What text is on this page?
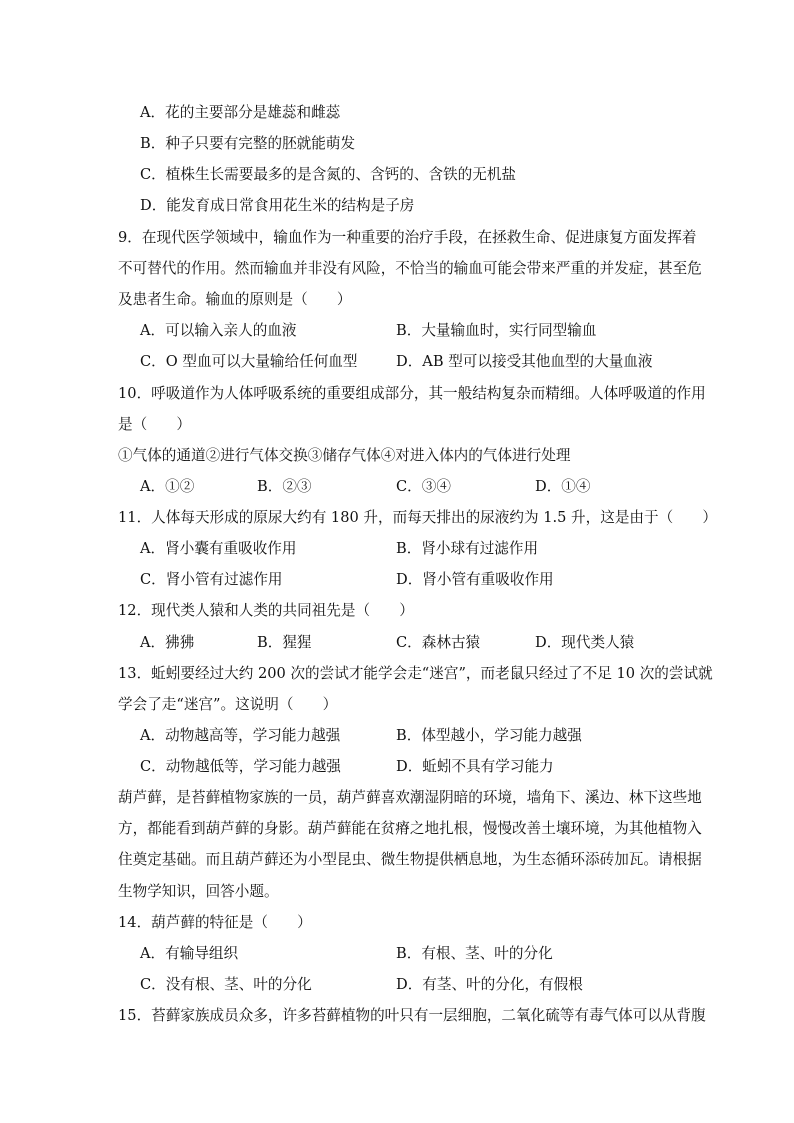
A．花的主要部分是雄蕊和雌蕊
B．种子只要有完整的胚就能萌发
C．植株生长需要最多的是含氮的、含钙的、含铁的无机盐
D．能发育成日常食用花生米的结构是子房
9．在现代医学领域中，输血作为一种重要的治疗手段，在拯救生命、促进康复方面发挥着
不可替代的作用。然而输血并非没有风险，不恰当的输血可能会带来严重的并发症，甚至危
及患者生命。输血的原则是（　　）
A．可以输入亲人的血液	B．大量输血时，实行同型输血
C．O 型血可以大量输给任何血型	D．AB 型可以接受其他血型的大量血液
10．呼吸道作为人体呼吸系统的重要组成部分，其一般结构复杂而精细。人体呼吸道的作用
是（　　）
①气体的通道②进行气体交换③储存气体④对进入体内的气体进行处理
A．①②	B．②③	C．③④	D．①④
11．人体每天形成的原尿大约有 180 升，而每天排出的尿液约为 1.5 升，这是由于（　　）
A．肾小囊有重吸收作用	B．肾小球有过滤作用
C．肾小管有过滤作用	D．肾小管有重吸收作用
12．现代类人猿和人类的共同祖先是（　　）
A．狒狒	B．猩猩	C．森林古猿	D．现代类人猿
13．蚯蚓要经过大约 200 次的尝试才能学会走“迷宫”，而老鼠只经过了不足 10 次的尝试就
学会了走“迷宫”。这说明（　　）
A．动物越高等，学习能力越强	B．体型越小，学习能力越强
C．动物越低等，学习能力越强	D．蚯蚓不具有学习能力
葫芦藓，是苔藓植物家族的一员，葫芦藓喜欢潮湿阴暗的环境，墙角下、溪边、林下这些地
方，都能看到葫芦藓的身影。葫芦藓能在贫瘠之地扎根，慢慢改善土壤环境，为其他植物入
住奠定基础。而且葫芦藓还为小型昆虫、微生物提供栖息地，为生态循环添砖加瓦。请根据
生物学知识，回答小题。
14．葫芦藓的特征是（　　）
A．有输导组织	B．有根、茎、叶的分化
C．没有根、茎、叶的分化	D．有茎、叶的分化，有假根
15．苔藓家族成员众多，许多苔藓植物的叶只有一层细胞，二氧化硫等有毒气体可以从背腹
